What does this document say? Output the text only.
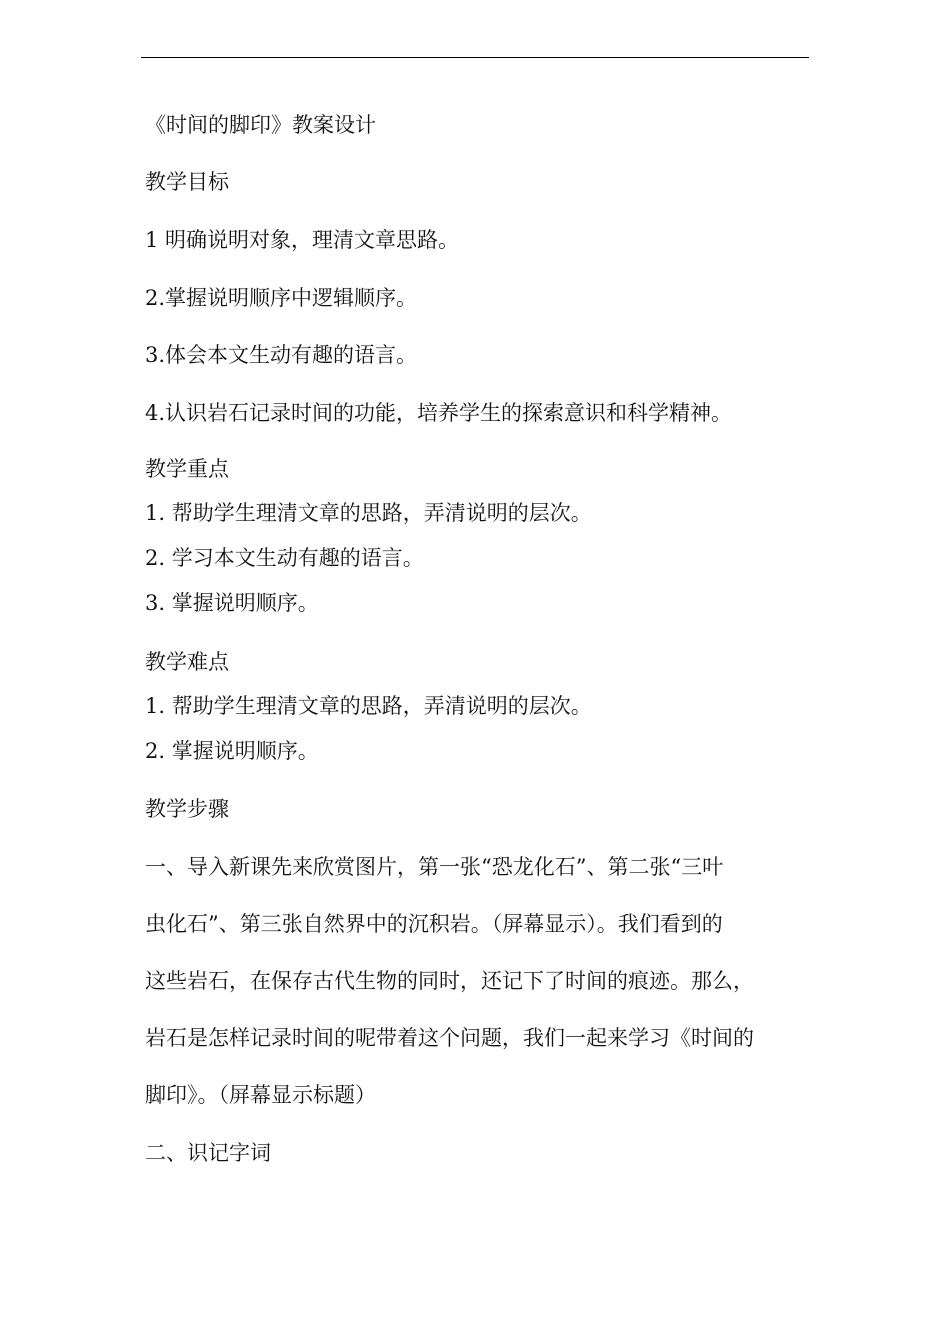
《时间的脚印》教案设计
教学目标
1 明确说明对象，理清文章思路。
2.掌握说明顺序中逻辑顺序。
3.体会本文生动有趣的语言。
4.认识岩石记录时间的功能，培养学生的探索意识和科学精神。
教学重点
1. 帮助学生理清文章的思路，弄清说明的层次。
2. 学习本文生动有趣的语言。
3. 掌握说明顺序。
教学难点
1. 帮助学生理清文章的思路，弄清说明的层次。
2. 掌握说明顺序。
教学步骤
一、导入新课先来欣赏图片，第一张“恐龙化石”、第二张“三叶
虫化石”、第三张自然界中的沉积岩。（屏幕显示）。我们看到的
这些岩石，在保存古代生物的同时，还记下了时间的痕迹。那么，
岩石是怎样记录时间的呢带着这个问题，我们一起来学习《时间的
脚印》。（屏幕显示标题）
二、识记字词
